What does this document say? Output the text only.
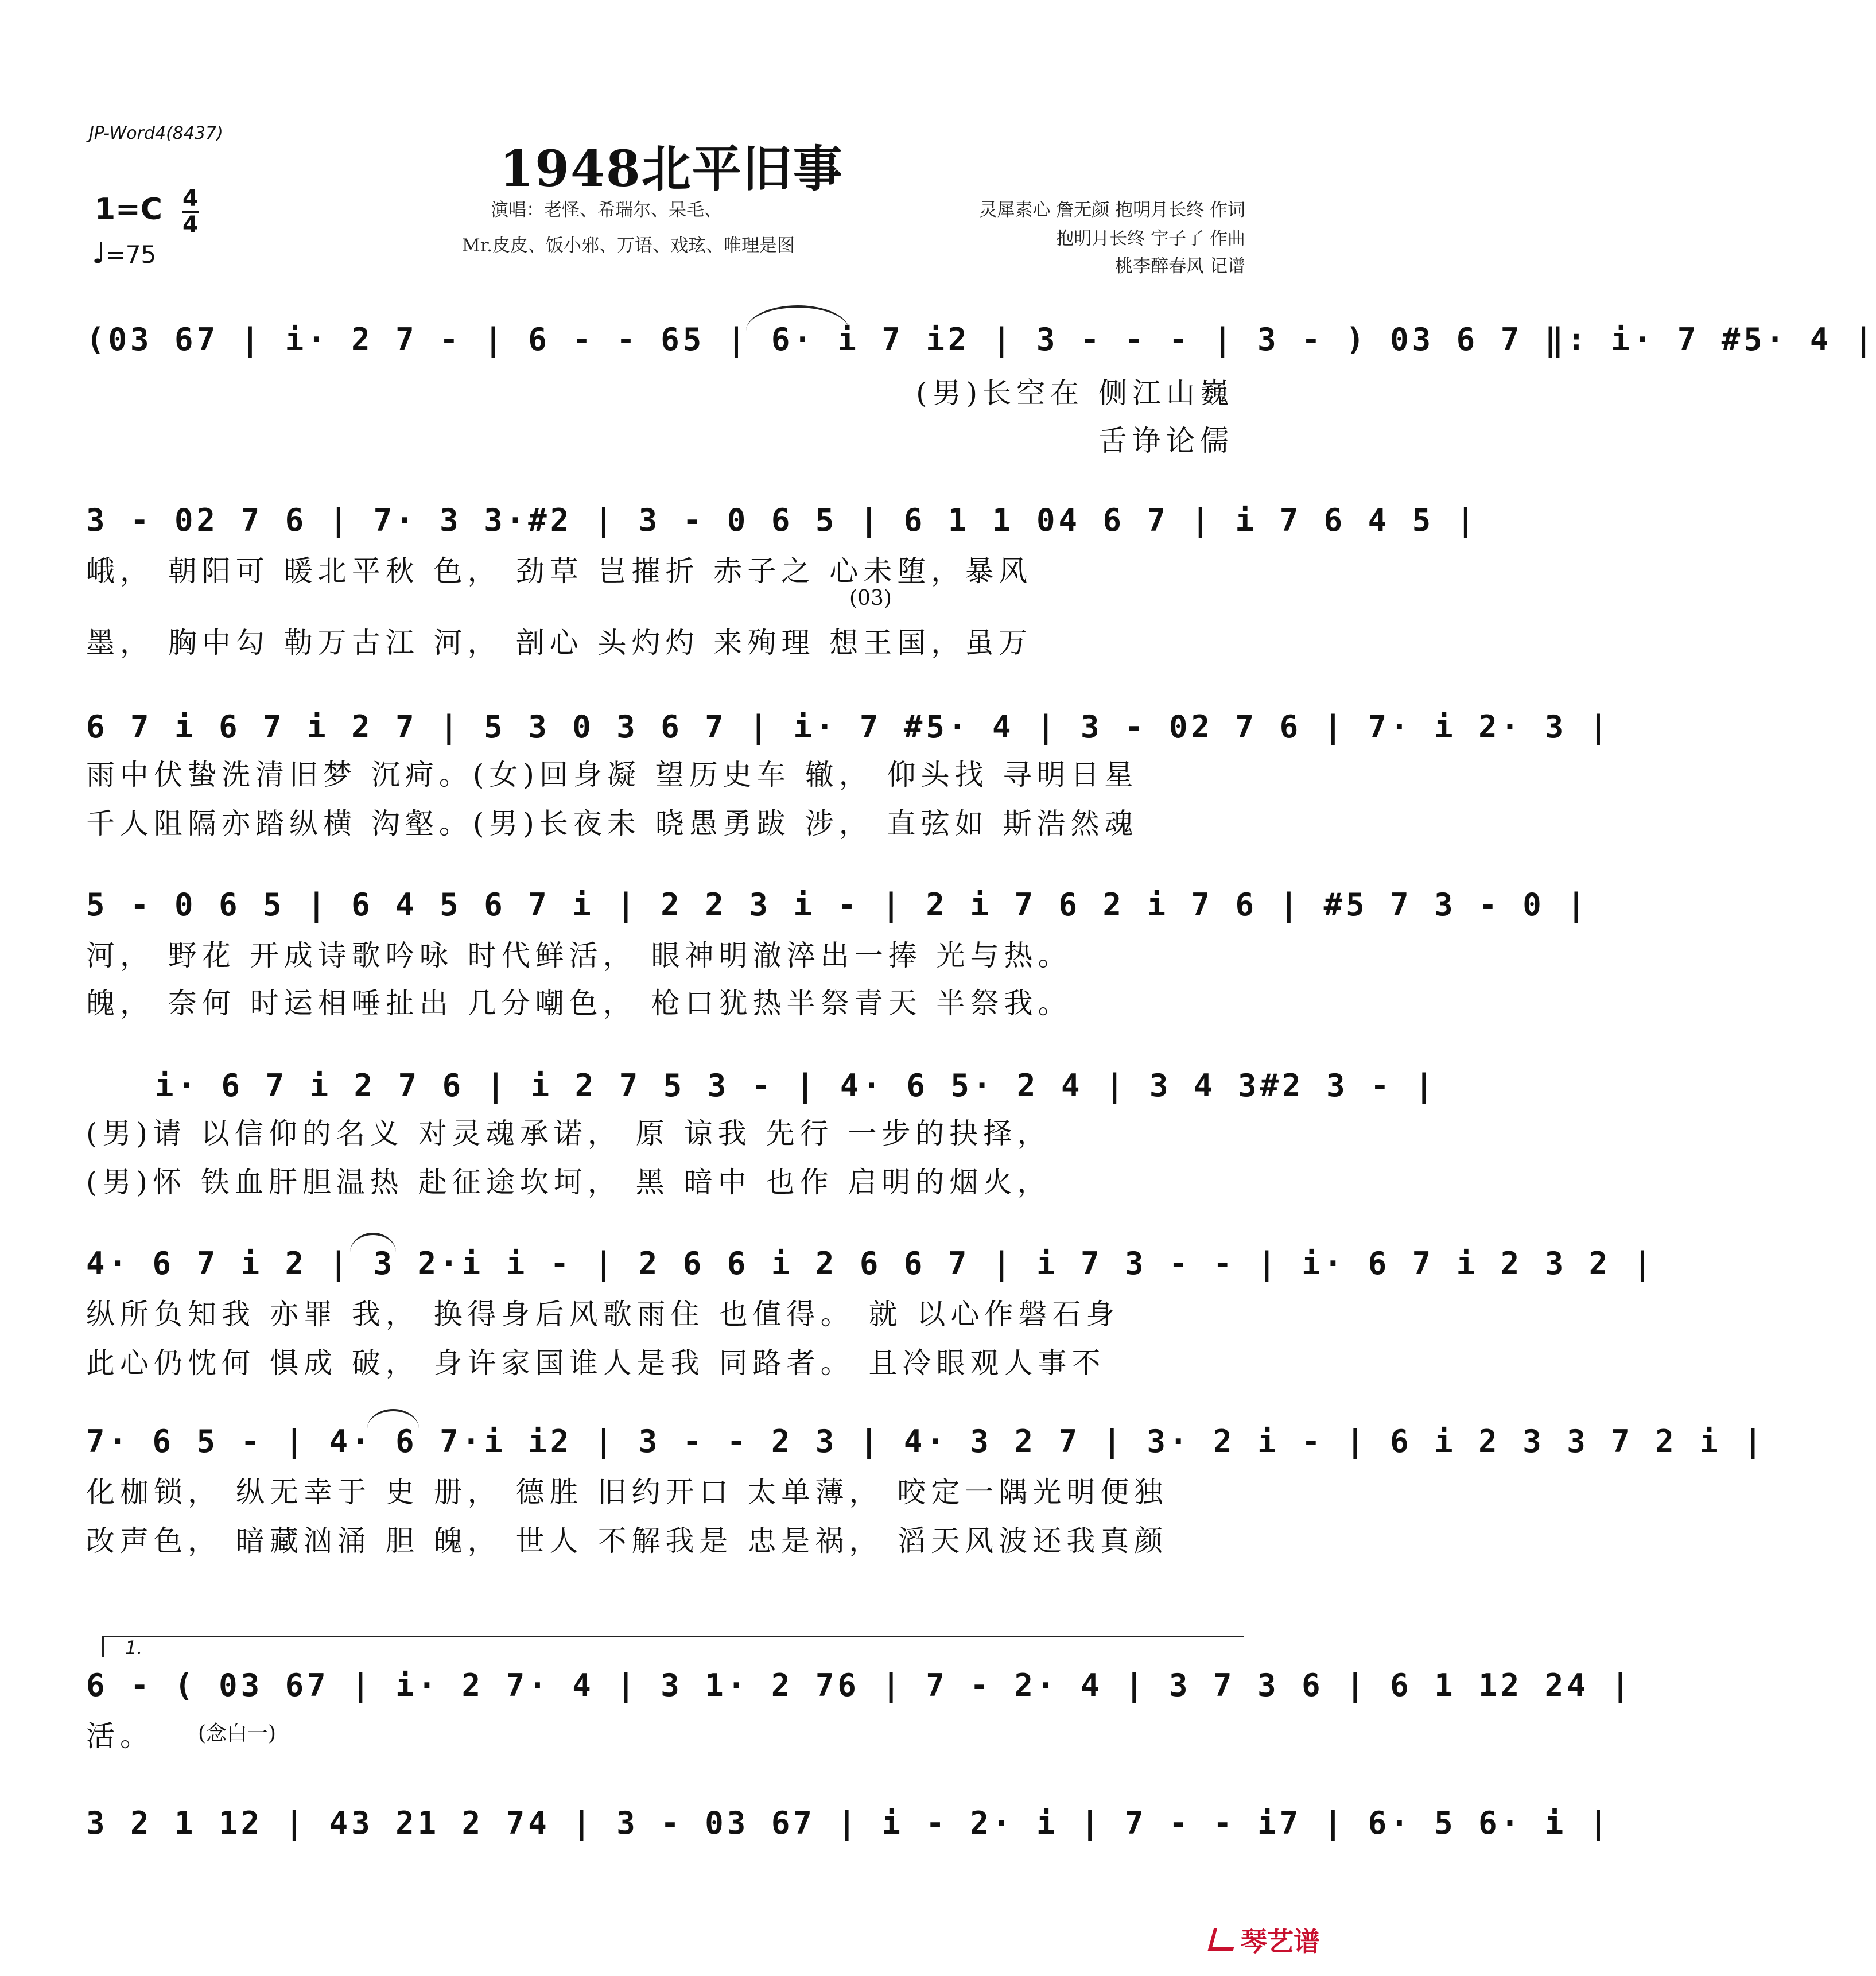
JP-Word4(8437)
1948北平旧事
1=C 4
4
♩=75
演唱：老怪、希瑞尔、呆毛、
Mr.皮皮、饭小邪、万语、戏玹、唯理是图
灵犀素心 詹无颜 抱明月长终 作词
抱明月长终 宇子了 作曲
桃李醉春风 记谱
(03 67 | i· 2 7 - | 6 - - 65 | 6· i 7 i2 | 3 - - - | 3 - ) 03 6 7 ‖: i· 7 #5· 4 |
(男)长空在 侧江山巍
舌诤论儒
3 - 02 7 6 | 7· 3 3·#2 | 3 - 0 6 5 | 6 1 1 04 6 7 | i 7 6 4 5 |
峨， 朝阳可 暖北平秋 色， 劲草 岂摧折 赤子之 心未堕，暴风
(03)
墨， 胸中勾 勒万古江 河， 剖心 头灼灼 来殉理 想王国，虽万
6 7 i 6 7 i 2 7 | 5 3 0 3 6 7 | i· 7 #5· 4 | 3 - 02 7 6 | 7· i 2· 3 |
雨中伏蛰洗清旧梦 沉疴。(女)回身凝 望历史车 辙， 仰头找 寻明日星
千人阻隔亦踏纵横 沟壑。(男)长夜未 晓愚勇跋 涉， 直弦如 斯浩然魂
5 - 0 6 5 | 6 4 5 6 7 i | 2 2 3 i - | 2 i 7 6 2 i 7 6 | #5 7 3 - 0 |
河， 野花 开成诗歌吟咏 时代鲜活， 眼神明澈淬出一捧 光与热。
魄， 奈何 时运相唾扯出 几分嘲色， 枪口犹热半祭青天 半祭我。
i· 6 7 i 2 7 6 | i 2 7 5 3 - | 4· 6 5· 2 4 | 3 4 3#2 3 - |
(男)请 以信仰的名义 对灵魂承诺， 原 谅我 先行 一步的抉择，
(男)怀 铁血肝胆温热 赴征途坎坷， 黑 暗中 也作 启明的烟火，
4· 6 7 i 2 | 3 2·i i - | 2 6 6 i 2 6 6 7 | i 7 3 - - | i· 6 7 i 2 3 2 |
纵所负知我 亦罪 我， 换得身后风歌雨住 也值得。 就 以心作磐石身
此心仍忱何 惧成 破， 身许家国谁人是我 同路者。 且冷眼观人事不
7· 6 5 - | 4· 6 7·i i2 | 3 - - 2 3 | 4· 3 2 7 | 3· 2 i - | 6 i 2 3 3 7 2 i |
化枷锁， 纵无幸于 史 册， 德胜 旧约开口 太单薄， 咬定一隅光明便独
改声色， 暗藏汹涌 胆 魄， 世人 不解我是 忠是祸， 滔天风波还我真颜
1.
6 - ( 03 67 | i· 2 7· 4 | 3 1· 2 76 | 7 - 2· 4 | 3 7 3 6 | 6 1 12 24 |
活。	(念白一)
3 2 1 12 | 43 21 2 74 | 3 - 03 67 | i - 2· i | 7 - - i7 | 6· 5 6· i |
琴艺谱
